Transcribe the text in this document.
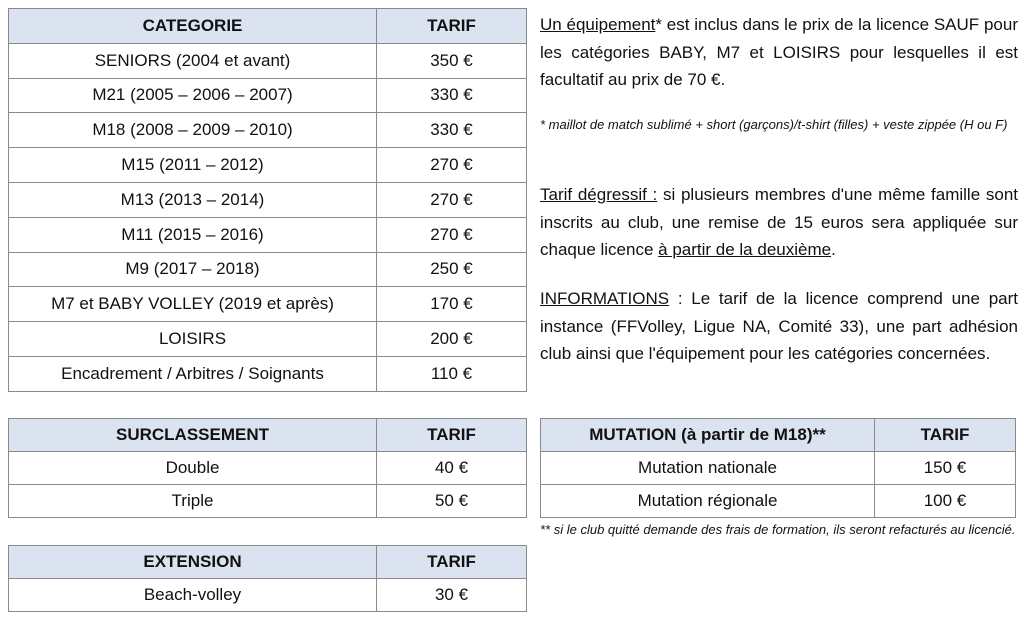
CATEGORIE	TARIF
SENIORS (2004 et avant)	350 €
M21 (2005 – 2006 – 2007)	330 €
M18 (2008 – 2009 – 2010)	330 €
M15 (2011 – 2012)	270 €
M13 (2013 – 2014)	270 €
M11 (2015 – 2016)	270 €
M9 (2017 – 2018)	250 €
M7 et BABY VOLLEY (2019 et après)	170 €
LOISIRS	200 €
Encadrement / Arbitres / Soignants	110 €
SURCLASSEMENT	TARIF
Double	40 €
Triple	50 €
EXTENSION	TARIF
Beach-volley	30 €
MUTATION (à partir de M18)**	TARIF
Mutation nationale	150 €
Mutation régionale	100 €

Un équipement* est inclus dans le prix de la licence SAUF pour les catégories BABY, M7 et LOISIRS pour lesquelles il est facultatif au prix de 70 €.

* maillot de match sublimé + short (garçons)/t-shirt (filles) + veste zippée (H ou F)

Tarif dégressif : si plusieurs membres d'une même famille sont inscrits au club, une remise de 15 euros sera appliquée sur chaque licence à partir de la deuxième.

INFORMATIONS : Le tarif de la licence comprend une part instance (FFVolley, Ligue NA, Comité 33), une part adhésion club ainsi que l'équipement pour les catégories concernées.

** si le club quitté demande des frais de formation, ils seront refacturés au licencié.
